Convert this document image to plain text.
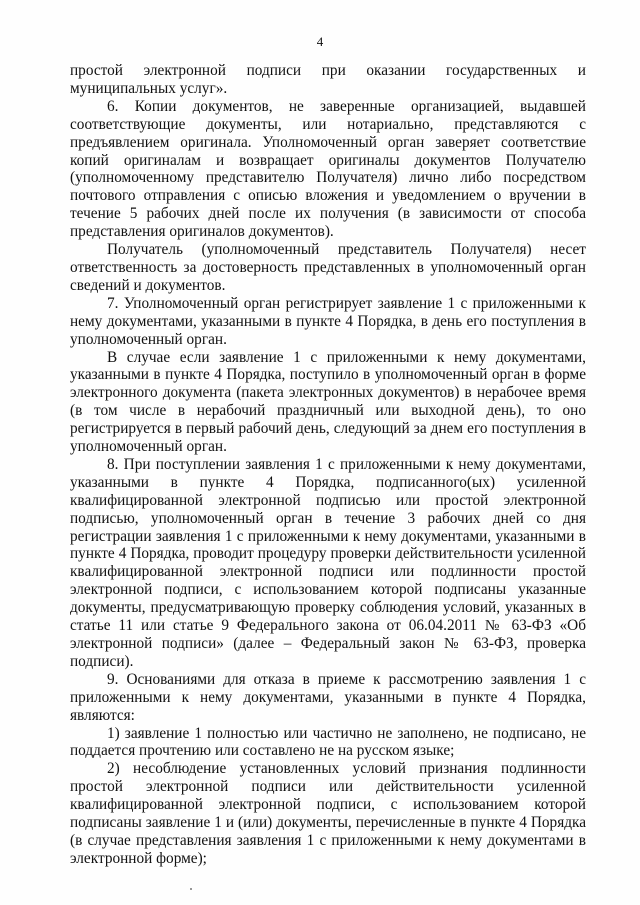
4

простой электронной подписи при оказании государственных и муниципальных услуг».

6. Копии документов, не заверенные организацией, выдавшей соответствующие документы, или нотариально, представляются с предъявлением оригинала. Уполномоченный орган заверяет соответствие копий оригиналам и возвращает оригиналы документов Получателю (уполномоченному представителю Получателя) лично либо посредством почтового отправления с описью вложения и уведомлением о вручении в течение 5 рабочих дней после их получения (в зависимости от способа представления оригиналов документов).

Получатель (уполномоченный представитель Получателя) несет ответственность за достоверность представленных в уполномоченный орган сведений и документов.

7. Уполномоченный орган регистрирует заявление 1 с приложенными к нему документами, указанными в пункте 4 Порядка, в день его поступления в уполномоченный орган.

В случае если заявление 1 с приложенными к нему документами, указанными в пункте 4 Порядка, поступило в уполномоченный орган в форме электронного документа (пакета электронных документов) в нерабочее время (в том числе в нерабочий праздничный или выходной день), то оно регистрируется в первый рабочий день, следующий за днем его поступления в уполномоченный орган.

8. При поступлении заявления 1 с приложенными к нему документами, указанными в пункте 4 Порядка, подписанного(ых) усиленной квалифицированной электронной подписью или простой электронной подписью, уполномоченный орган в течение 3 рабочих дней со дня регистрации заявления 1 с приложенными к нему документами, указанными в пункте 4 Порядка, проводит процедуру проверки действительности усиленной квалифицированной электронной подписи или подлинности простой электронной подписи, с использованием которой подписаны указанные документы, предусматривающую проверку соблюдения условий, указанных в статье 11 или статье 9 Федерального закона от 06.04.2011 № 63-ФЗ «Об электронной подписи» (далее – Федеральный закон № 63-ФЗ, проверка подписи).

9. Основаниями для отказа в приеме к рассмотрению заявления 1 с приложенными к нему документами, указанными в пункте 4 Порядка, являются:

1) заявление 1 полностью или частично не заполнено, не подписано, не поддается прочтению или составлено не на русском языке;

2) несоблюдение установленных условий признания подлинности простой электронной подписи или действительности усиленной квалифицированной электронной подписи, с использованием которой подписаны заявление 1 и (или) документы, перечисленные в пункте 4 Порядка (в случае представления заявления 1 с приложенными к нему документами в электронной форме);
